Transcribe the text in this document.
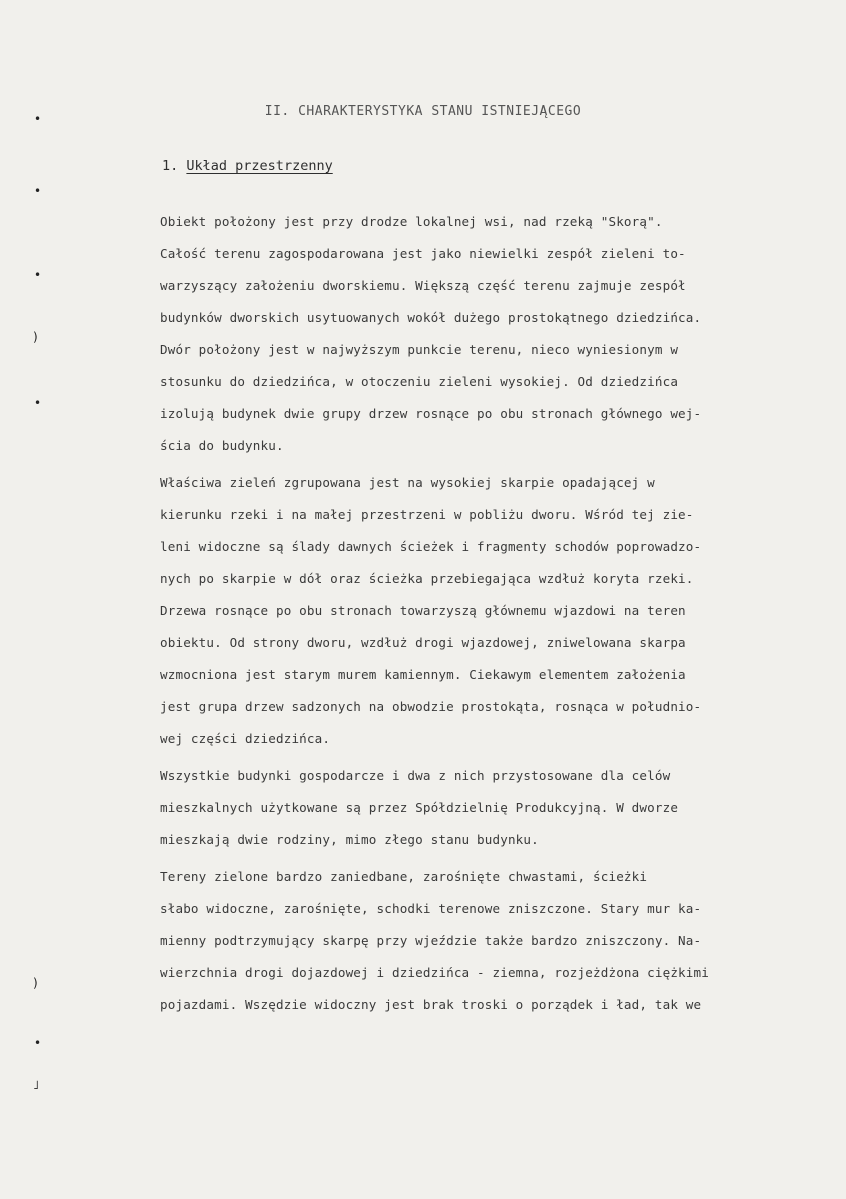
•
•
•
)
•
)
•
˩
II. CHARAKTERYSTYKA STANU ISTNIEJĄCEGO
1. Układ przestrzenny
Obiekt położony jest przy drodze lokalnej wsi, nad rzeką "Skorą".
Całość terenu zagospodarowana jest jako niewielki zespół zieleni to-
warzyszący założeniu dworskiemu. Większą część terenu zajmuje zespół
budynków dworskich usytuowanych wokół dużego prostokątnego dziedzińca.
Dwór położony jest w najwyższym punkcie terenu, nieco wyniesionym w
stosunku do dziedzińca, w otoczeniu zieleni wysokiej. Od dziedzińca
izolują budynek dwie grupy drzew rosnące po obu stronach głównego wej-
ścia do budynku.
Właściwa zieleń zgrupowana jest na wysokiej skarpie opadającej w
kierunku rzeki i na małej przestrzeni w pobliżu dworu. Wśród tej zie-
leni widoczne są ślady dawnych ścieżek i fragmenty schodów poprowadzo-
nych po skarpie w dół oraz ścieżka przebiegająca wzdłuż koryta rzeki.
Drzewa rosnące po obu stronach towarzyszą głównemu wjazdowi na teren
obiektu. Od strony dworu, wzdłuż drogi wjazdowej, zniwelowana skarpa
wzmocniona jest starym murem kamiennym. Ciekawym elementem założenia
jest grupa drzew sadzonych na obwodzie prostokąta, rosnąca w południo-
wej części dziedzińca.
Wszystkie budynki gospodarcze i dwa z nich przystosowane dla celów
mieszkalnych użytkowane są przez Spółdzielnię Produkcyjną. W dworze
mieszkają dwie rodziny, mimo złego stanu budynku.
Tereny zielone bardzo zaniedbane, zarośnięte chwastami, ścieżki
słabo widoczne, zarośnięte, schodki terenowe zniszczone. Stary mur ka-
mienny podtrzymujący skarpę przy wjeździe także bardzo zniszczony. Na-
wierzchnia drogi dojazdowej i dziedzińca - ziemna, rozjeżdżona ciężkimi
pojazdami. Wszędzie widoczny jest brak troski o porządek i ład, tak we
